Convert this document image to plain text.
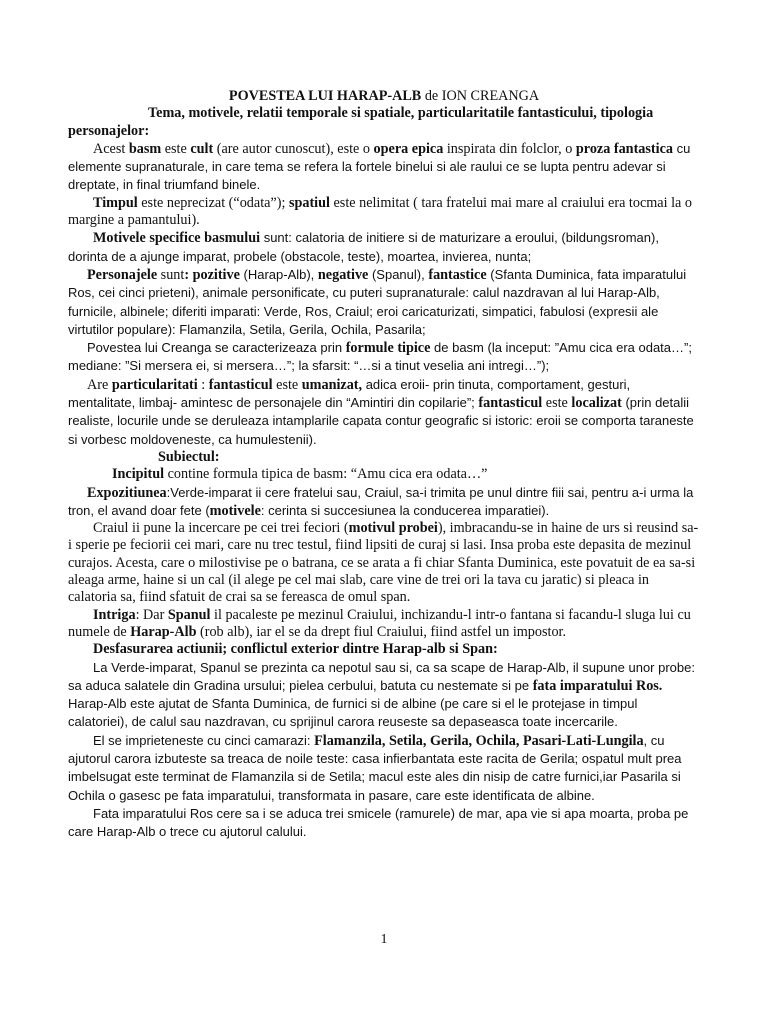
POVESTEA LUI HARAP-ALB de ION CREANGA

Tema, motivele, relatii temporale si spatiale, particularitatile fantasticului, tipologia personajelor:

Acest basm este cult (are autor cunoscut), este o opera epica inspirata din folclor, o proza fantastica cu elemente supranaturale, in care tema se refera la fortele binelui si ale raului ce se lupta pentru adevar si dreptate, in final triumfand binele.

Timpul este neprecizat (“odata”); spatiul este nelimitat ( tara fratelui mai mare al craiului era tocmai la o margine a pamantului).

Motivele specifice basmului sunt: calatoria de initiere si de maturizare a eroului, (bildungsroman), dorinta de a ajunge imparat, probele (obstacole, teste), moartea, invierea, nunta;

Personajele sunt: pozitive (Harap-Alb), negative (Spanul), fantastice (Sfanta Duminica, fata imparatului Ros, cei cinci prieteni), animale personificate, cu puteri supranaturale: calul nazdravan al lui Harap-Alb, furnicile, albinele; diferiti imparati: Verde, Ros, Craiul; eroi caricaturizati, simpatici, fabulosi (expresii ale virtutilor populare): Flamanzila, Setila, Gerila, Ochila, Pasarila;

Povestea lui Creanga se caracterizeaza prin formule tipice de basm (la inceput: ”Amu cica era odata…”; mediane: ”Si mersera ei, si mersera…”; la sfarsit: “…si a tinut veselia ani intregi…”);

Are particularitati : fantasticul este umanizat, adica eroii- prin tinuta, comportament, gesturi, mentalitate, limbaj- amintesc de personajele din “Amintiri din copilarie”; fantasticul este localizat (prin detalii realiste, locurile unde se deruleaza intamplarile capata contur geografic si istoric: eroii se comporta taraneste si vorbesc moldoveneste, ca humulestenii).

Subiectul:

Incipitul contine formula tipica de basm: “Amu cica era odata…”

Expozitiunea:Verde-imparat ii cere fratelui sau, Craiul, sa-i trimita pe unul dintre fiii sai, pentru a-i urma la tron, el avand doar fete (motivele: cerinta si succesiunea la conducerea imparatiei).

Craiul ii pune la incercare pe cei trei feciori (motivul probei), imbracandu-se in haine de urs si reusind sa-i sperie pe feciorii cei mari, care nu trec testul, fiind lipsiti de curaj si lasi. Insa proba este depasita de mezinul curajos. Acesta, care o milostivise pe o batrana, ce se arata a fi chiar Sfanta Duminica, este povatuit de ea sa-si aleaga arme, haine si un cal (il alege pe cel mai slab, care vine de trei ori la tava cu jaratic) si pleaca in calatoria sa, fiind sfatuit de crai sa se fereasca de omul span.

Intriga: Dar Spanul il pacaleste pe mezinul Craiului, inchizandu-l intr-o fantana si facandu-l sluga lui cu numele de Harap-Alb (rob alb), iar el se da drept fiul Craiului, fiind astfel un impostor.

Desfasurarea actiunii; conflictul exterior dintre Harap-alb si Span:

La Verde-imparat, Spanul se prezinta ca nepotul sau si, ca sa scape de Harap-Alb, il supune unor probe: sa aduca salatele din Gradina ursului; pielea cerbului, batuta cu nestemate si pe fata imparatului Ros. Harap-Alb este ajutat de Sfanta Duminica, de furnici si de albine (pe care si el le protejase in timpul calatoriei), de calul sau nazdravan, cu sprijinul carora reuseste sa depaseasca toate incercarile.

El se imprieteneste cu cinci camarazi: Flamanzila, Setila, Gerila, Ochila, Pasari-Lati-Lungila, cu ajutorul carora izbuteste sa treaca de noile teste: casa infierbantata este racita de Gerila; ospatul mult prea imbelsugat este terminat de Flamanzila si de Setila; macul este ales din nisip de catre furnici,iar Pasarila si Ochila o gasesc pe fata imparatului, transformata in pasare, care este identificata de albine.

Fata imparatului Ros cere sa i se aduca trei smicele (ramurele) de mar, apa vie si apa moarta, proba pe care Harap-Alb o trece cu ajutorul calului.

1
